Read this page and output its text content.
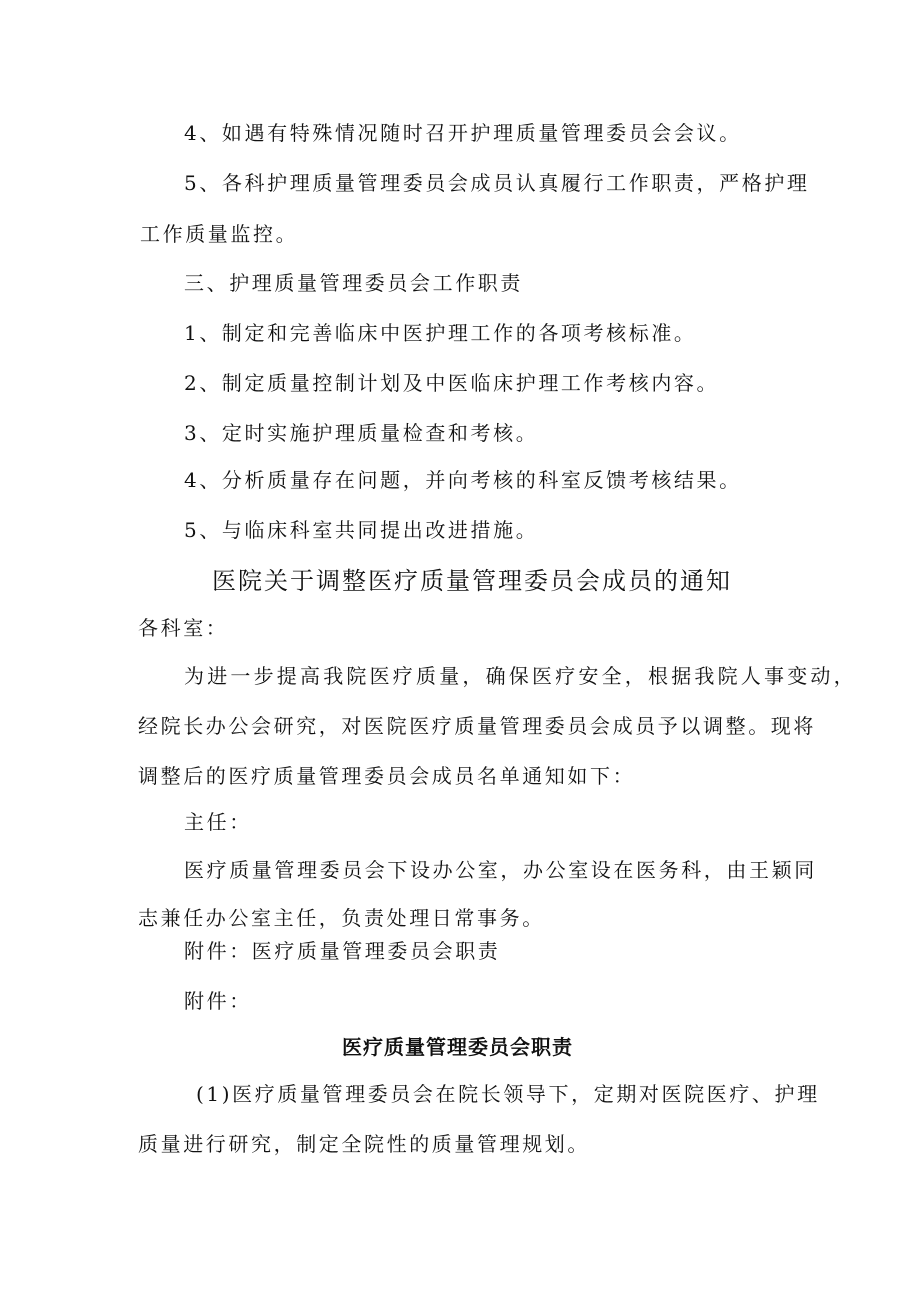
4、如遇有特殊情况随时召开护理质量管理委员会会议。
5、各科护理质量管理委员会成员认真履行工作职责，严格护理
工作质量监控。
三、护理质量管理委员会工作职责
1、制定和完善临床中医护理工作的各项考核标准。
2、制定质量控制计划及中医临床护理工作考核内容。
3、定时实施护理质量检查和考核。
4、分析质量存在问题，并向考核的科室反馈考核结果。
5、与临床科室共同提出改进措施。
医院关于调整医疗质量管理委员会成员的通知
各科室：
为进一步提高我院医疗质量，确保医疗安全，根据我院人事变动，
经院长办公会研究，对医院医疗质量管理委员会成员予以调整。现将
调整后的医疗质量管理委员会成员名单通知如下：
主任：
医疗质量管理委员会下设办公室，办公室设在医务科，由王颖同
志兼任办公室主任，负责处理日常事务。
附件：医疗质量管理委员会职责
附件：
医疗质量管理委员会职责
(1)医疗质量管理委员会在院长领导下，定期对医院医疗、护理
质量进行研究，制定全院性的质量管理规划。
